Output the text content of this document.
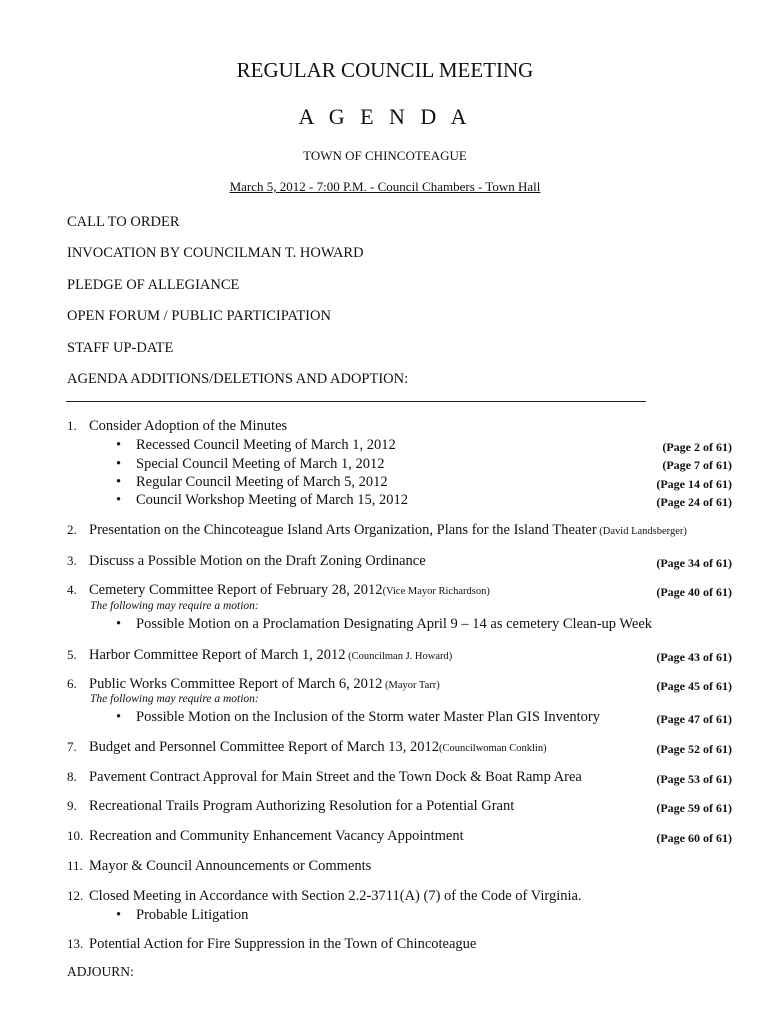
REGULAR COUNCIL MEETING
A G E N D A
TOWN OF CHINCOTEAGUE
March 5, 2012 - 7:00 P.M. - Council Chambers - Town Hall
CALL TO ORDER
INVOCATION BY COUNCILMAN T. HOWARD
PLEDGE OF ALLEGIANCE
OPEN FORUM / PUBLIC PARTICIPATION
STAFF UP-DATE
AGENDA ADDITIONS/DELETIONS AND ADOPTION:
1. Consider Adoption of the Minutes
• Recessed Council Meeting of March 1, 2012	(Page 2 of 61)
• Special Council Meeting of March 1, 2012	(Page 7 of 61)
• Regular Council Meeting of March 5, 2012	(Page 14 of 61)
• Council Workshop Meeting of March 15, 2012	(Page 24 of 61)
2. Presentation on the Chincoteague Island Arts Organization, Plans for the Island Theater (David Landsberger)
3. Discuss a Possible Motion on the Draft Zoning Ordinance	(Page 34 of 61)
4. Cemetery Committee Report of February 28, 2012(Vice Mayor Richardson)	(Page 40 of 61)
The following may require a motion:
• Possible Motion on a Proclamation Designating April 9 – 14 as cemetery Clean-up Week
5. Harbor Committee Report of March 1, 2012 (Councilman J. Howard)	(Page 43 of 61)
6. Public Works Committee Report of March 6, 2012 (Mayor Tarr)	(Page 45 of 61)
The following may require a motion:
• Possible Motion on the Inclusion of the Storm water Master Plan GIS Inventory	(Page 47 of 61)
7. Budget and Personnel Committee Report of March 13, 2012(Councilwoman Conklin)	(Page 52 of 61)
8. Pavement Contract Approval for Main Street and the Town Dock & Boat Ramp Area	(Page 53 of 61)
9. Recreational Trails Program Authorizing Resolution for a Potential Grant	(Page 59 of 61)
10. Recreation and Community Enhancement Vacancy Appointment	(Page 60 of 61)
11. Mayor & Council Announcements or Comments
12. Closed Meeting in Accordance with Section 2.2-3711(A) (7) of the Code of Virginia.
• Probable Litigation
13. Potential Action for Fire Suppression in the Town of Chincoteague
ADJOURN:
